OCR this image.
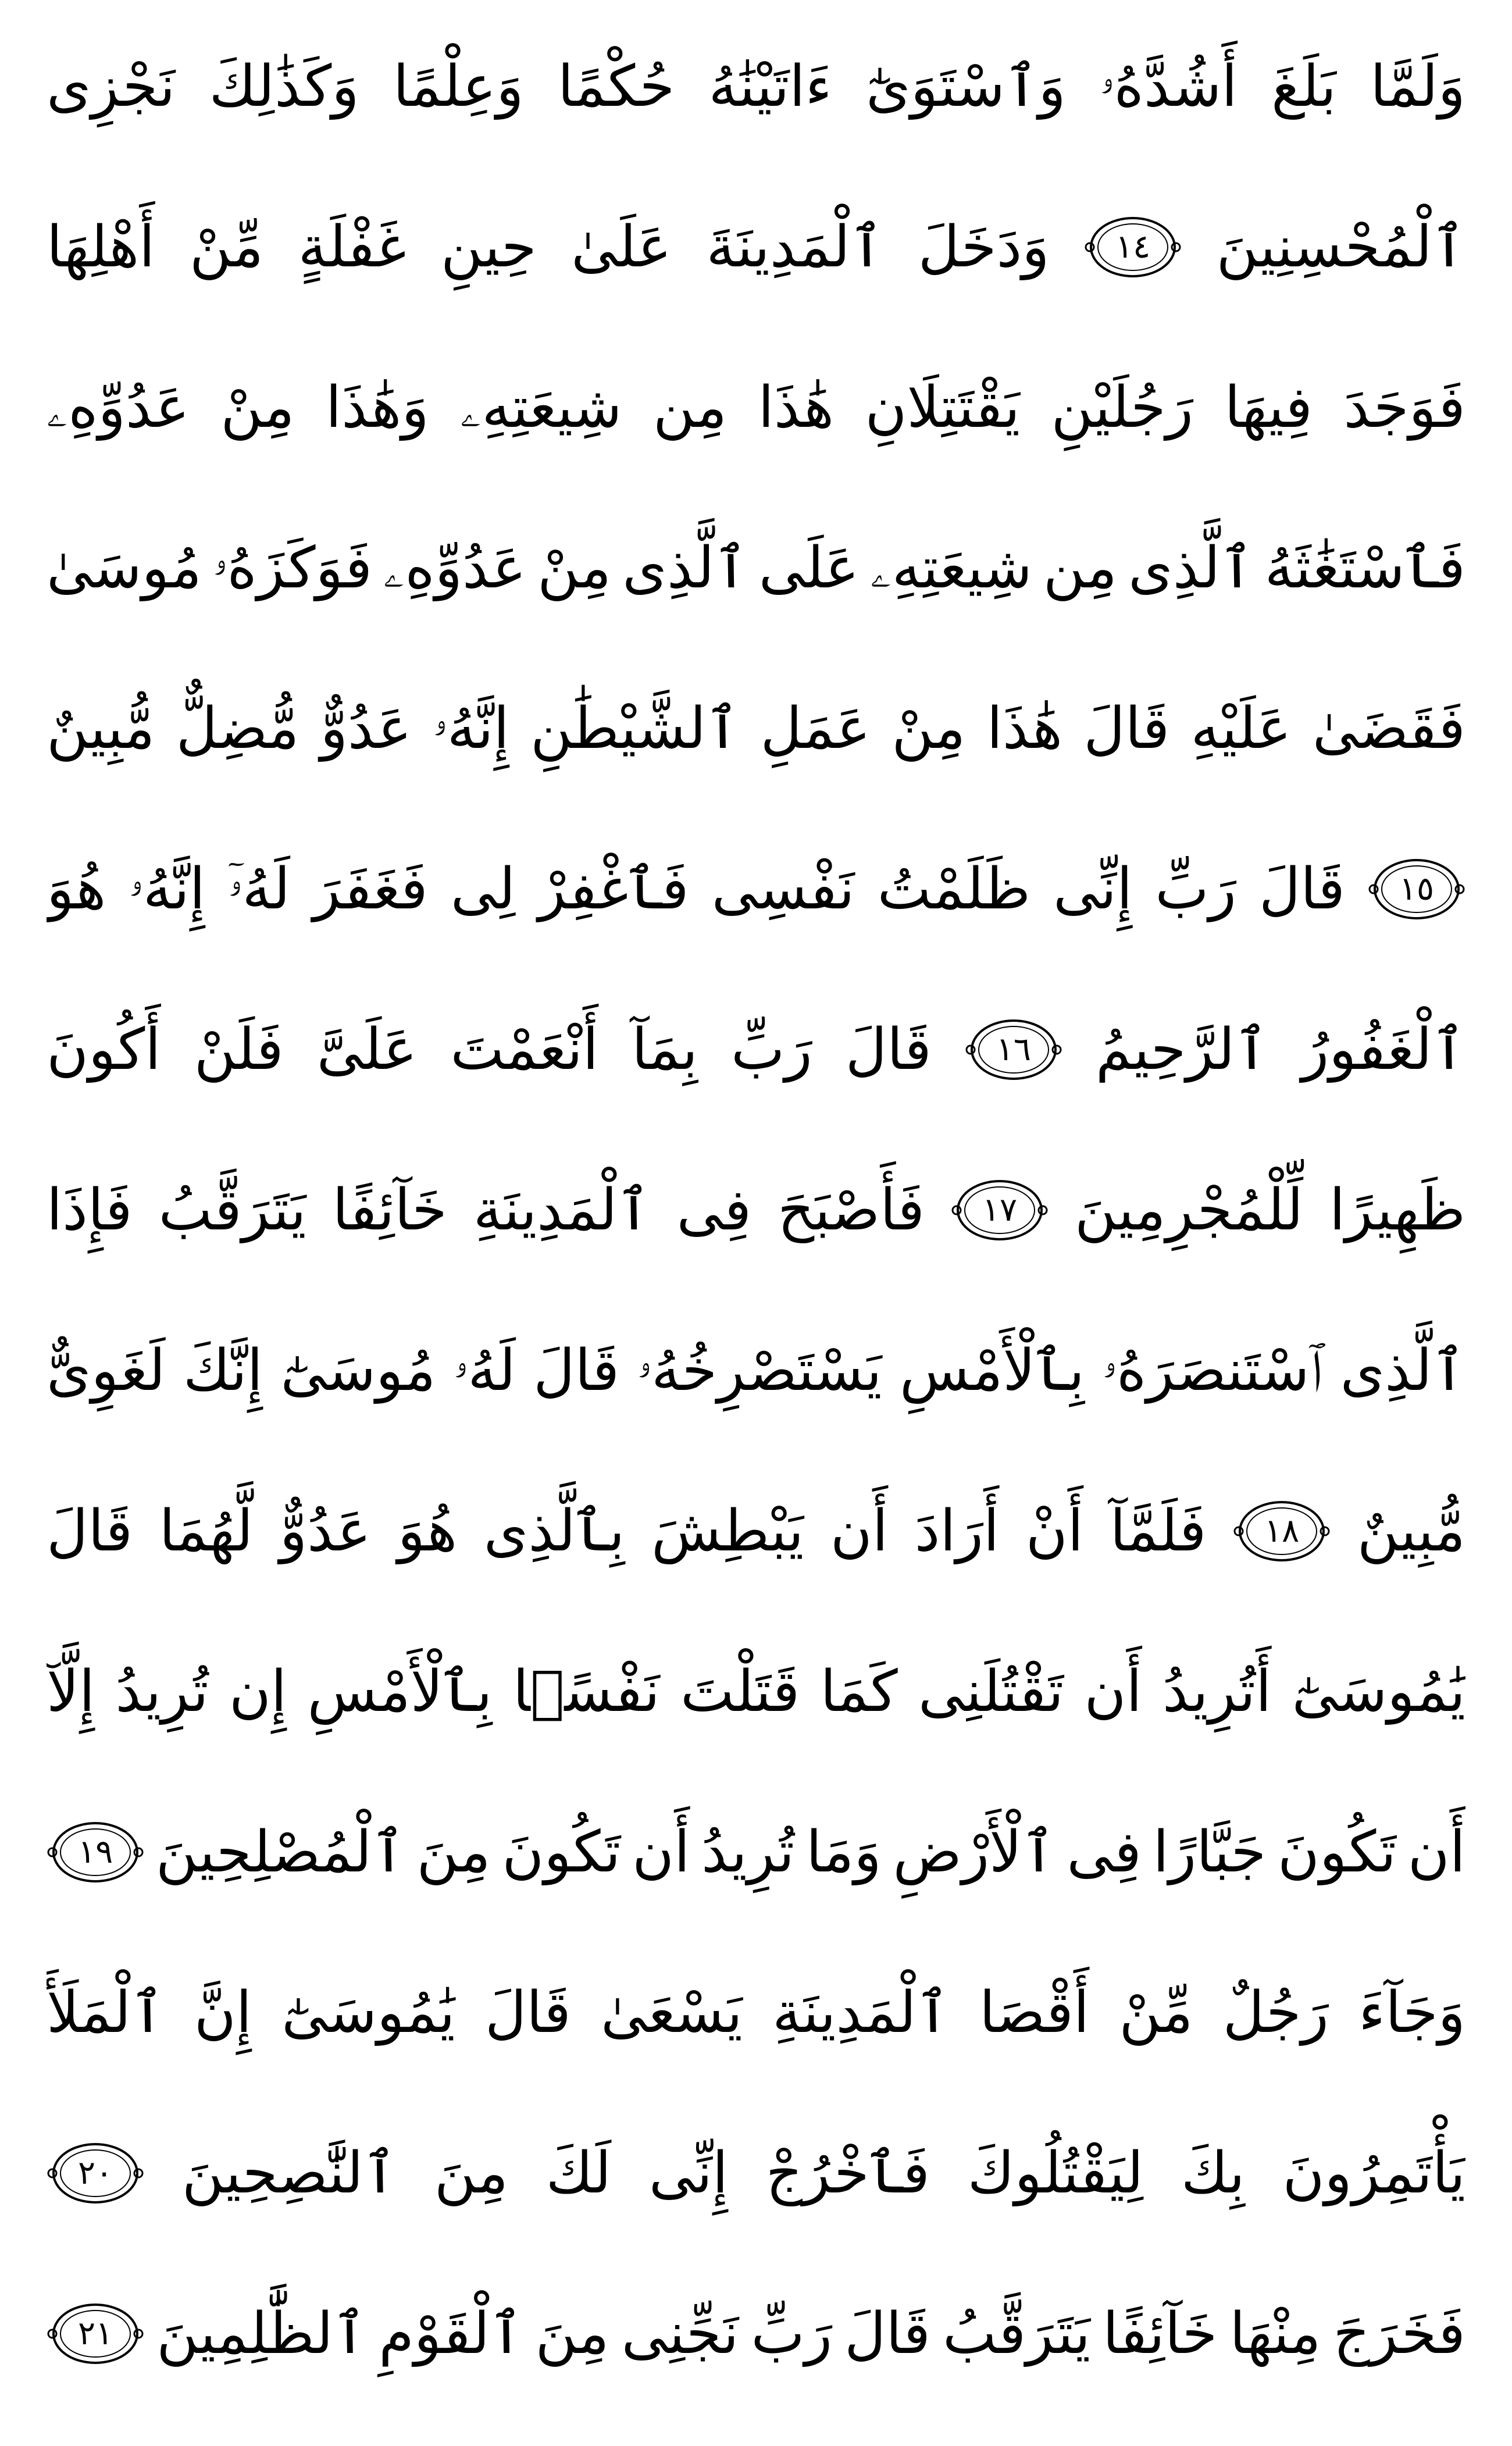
وَلَمَّا
بَلَغَ
أَشُدَّهُۥ
وَٱسْتَوَىٰٓ
ءَاتَيْنَٰهُ
حُكْمًا
وَعِلْمًا
وَكَذَٰلِكَ
نَجْزِى
ٱلْمُحْسِنِينَ
١٤
وَدَخَلَ
ٱلْمَدِينَةَ
عَلَىٰ
حِينِ
غَفْلَةٍ
مِّنْ
أَهْلِهَا
فَوَجَدَ
فِيهَا
رَجُلَيْنِ
يَقْتَتِلَانِ
هَٰذَا
مِن
شِيعَتِهِۦ
وَهَٰذَا
مِنْ
عَدُوِّهِۦ
فَٱسْتَغَٰثَهُ
ٱلَّذِى
مِن
شِيعَتِهِۦ
عَلَى
ٱلَّذِى
مِنْ
عَدُوِّهِۦ
فَوَكَزَهُۥ
مُوسَىٰ
فَقَضَىٰ
عَلَيْهِ
قَالَ
هَٰذَا
مِنْ
عَمَلِ
ٱلشَّيْطَٰنِ
إِنَّهُۥ
عَدُوٌّ
مُّضِلٌّ
مُّبِينٌ
١٥
قَالَ
رَبِّ
إِنِّى
ظَلَمْتُ
نَفْسِى
فَٱغْفِرْ
لِى
فَغَفَرَ
لَهُۥٓ
إِنَّهُۥ
هُوَ
ٱلْغَفُورُ
ٱلرَّحِيمُ
١٦
قَالَ
رَبِّ
بِمَآ
أَنْعَمْتَ
عَلَىَّ
فَلَنْ
أَكُونَ
ظَهِيرًا
لِّلْمُجْرِمِينَ
١٧
فَأَصْبَحَ
فِى
ٱلْمَدِينَةِ
خَآئِفًا
يَتَرَقَّبُ
فَإِذَا
ٱلَّذِى
ٱسْتَنصَرَهُۥ
بِٱلْأَمْسِ
يَسْتَصْرِخُهُۥ
قَالَ
لَهُۥ
مُوسَىٰٓ
إِنَّكَ
لَغَوِىٌّ
مُّبِينٌ
١٨
فَلَمَّآ
أَنْ
أَرَادَ
أَن
يَبْطِشَ
بِٱلَّذِى
هُوَ
عَدُوٌّ
لَّهُمَا
قَالَ
يَٰمُوسَىٰٓ
أَتُرِيدُ
أَن
تَقْتُلَنِى
كَمَا
قَتَلْتَ
نَفْسًۢا
بِٱلْأَمْسِ
إِن
تُرِيدُ
إِلَّآ
أَن
تَكُونَ
جَبَّارًا
فِى
ٱلْأَرْضِ
وَمَا
تُرِيدُ
أَن
تَكُونَ
مِنَ
ٱلْمُصْلِحِينَ
١٩
وَجَآءَ
رَجُلٌ
مِّنْ
أَقْصَا
ٱلْمَدِينَةِ
يَسْعَىٰ
قَالَ
يَٰمُوسَىٰٓ
إِنَّ
ٱلْمَلَأَ
يَأْتَمِرُونَ
بِكَ
لِيَقْتُلُوكَ
فَٱخْرُجْ
إِنِّى
لَكَ
مِنَ
ٱلنَّٰصِحِينَ
٢٠
فَخَرَجَ
مِنْهَا
خَآئِفًا
يَتَرَقَّبُ
قَالَ
رَبِّ
نَجِّنِى
مِنَ
ٱلْقَوْمِ
ٱلظَّٰلِمِينَ
٢١
